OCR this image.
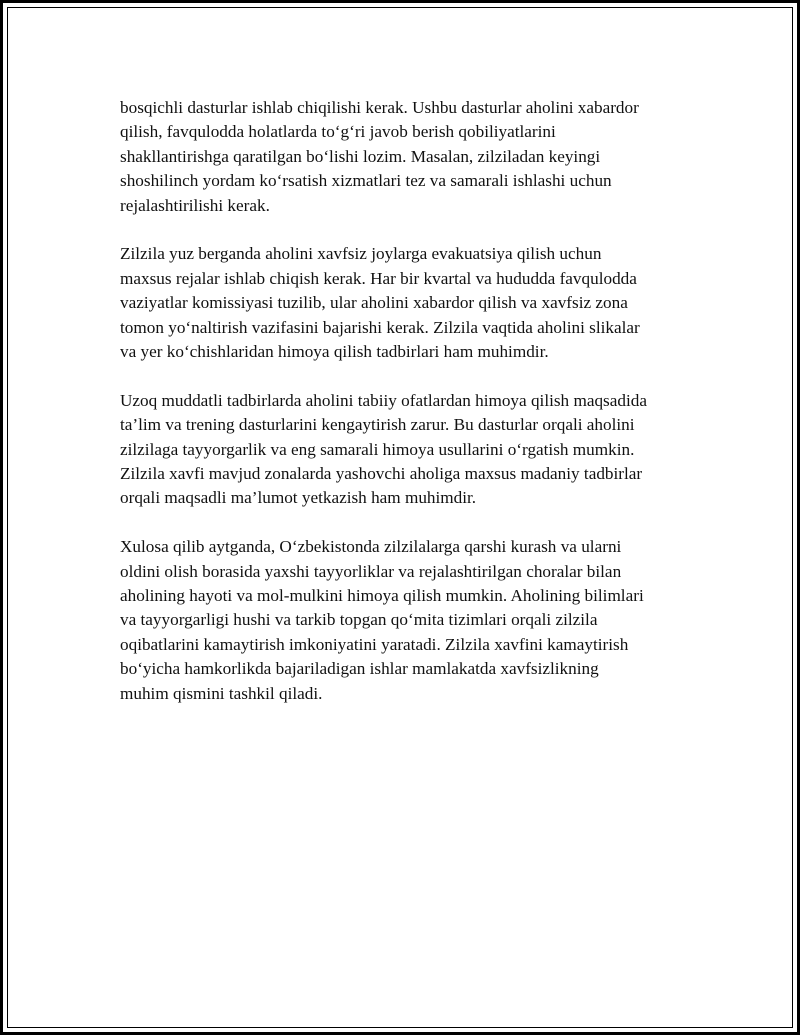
bosqichli dasturlar ishlab chiqilishi kerak. Ushbu dasturlar aholini xabardor
qilish, favqulodda holatlarda to‘g‘ri javob berish qobiliyatlarini
shakllantirishga qaratilgan bo‘lishi lozim. Masalan, zilziladan keyingi
shoshilinch yordam ko‘rsatish xizmatlari tez va samarali ishlashi uchun
rejalashtirilishi kerak.

Zilzila yuz berganda aholini xavfsiz joylarga evakuatsiya qilish uchun
maxsus rejalar ishlab chiqish kerak. Har bir kvartal va hududda favqulodda
vaziyatlar komissiyasi tuzilib, ular aholini xabardor qilish va xavfsiz zona
tomon yo‘naltirish vazifasini bajarishi kerak. Zilzila vaqtida aholini slikalar
va yer ko‘chishlaridan himoya qilish tadbirlari ham muhimdir.

Uzoq muddatli tadbirlarda aholini tabiiy ofatlardan himoya qilish maqsadida
ta’lim va trening dasturlarini kengaytirish zarur. Bu dasturlar orqali aholini
zilzilaga tayyorgarlik va eng samarali himoya usullarini o‘rgatish mumkin.
Zilzila xavfi mavjud zonalarda yashovchi aholiga maxsus madaniy tadbirlar
orqali maqsadli ma’lumot yetkazish ham muhimdir.

Xulosa qilib aytganda, O‘zbekistonda zilzilalarga qarshi kurash va ularni
oldini olish borasida yaxshi tayyorliklar va rejalashtirilgan choralar bilan
aholining hayoti va mol-mulkini himoya qilish mumkin. Aholining bilimlari
va tayyorgarligi hushi va tarkib topgan qo‘mita tizimlari orqali zilzila
oqibatlarini kamaytirish imkoniyatini yaratadi. Zilzila xavfini kamaytirish
bo‘yicha hamkorlikda bajariladigan ishlar mamlakatda xavfsizlikning
muhim qismini tashkil qiladi.
